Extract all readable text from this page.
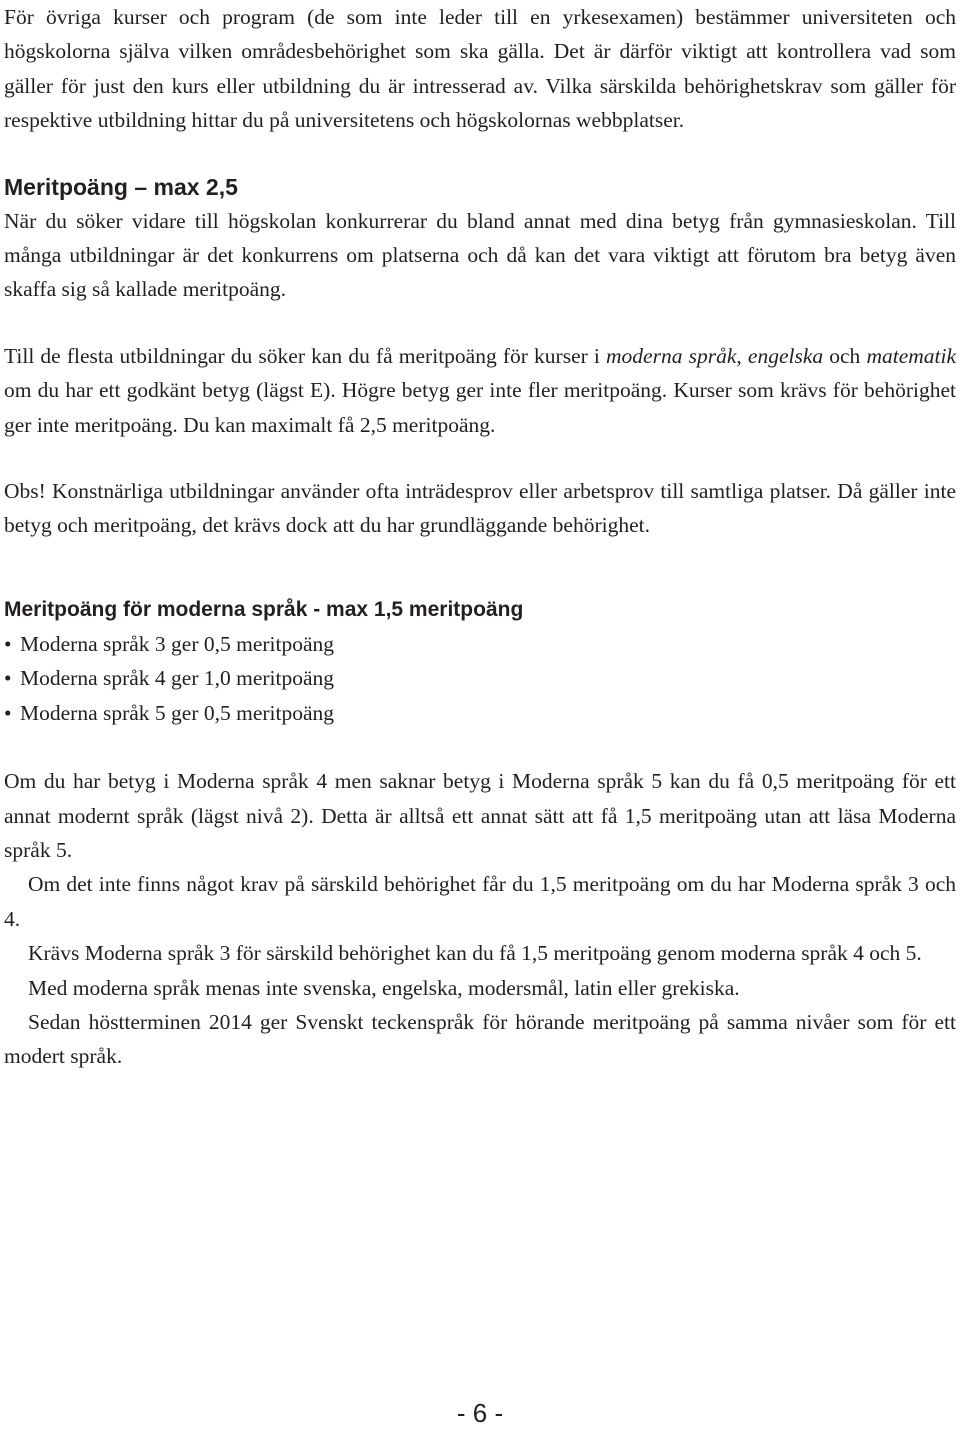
För övriga kurser och program (de som inte leder till en yrkesexamen) bestämmer universiteten och högskolorna själva vilken områdesbehörighet som ska gälla. Det är därför viktigt att kontrollera vad som gäller för just den kurs eller utbildning du är intresserad av. Vilka särskilda behörighetskrav som gäller för respektive utbildning hittar du på universitetens och högskolornas webbplatser.

Meritpoäng – max 2,5

När du söker vidare till högskolan konkurrerar du bland annat med dina betyg från gymnasieskolan. Till många utbildningar är det konkurrens om platserna och då kan det vara viktigt att förutom bra betyg även skaffa sig så kallade meritpoäng.

Till de flesta utbildningar du söker kan du få meritpoäng för kurser i moderna språk, engelska och matematik om du har ett godkänt betyg (lägst E). Högre betyg ger inte fler meritpoäng. Kurser som krävs för behörighet ger inte meritpoäng. Du kan maximalt få 2,5 meritpoäng.

Obs! Konstnärliga utbildningar använder ofta inträdesprov eller arbetsprov till samtliga platser. Då gäller inte betyg och meritpoäng, det krävs dock att du har grundläggande behörighet.

Meritpoäng för moderna språk - max 1,5 meritpoäng
• Moderna språk 3 ger 0,5 meritpoäng
• Moderna språk 4 ger 1,0 meritpoäng
• Moderna språk 5 ger 0,5 meritpoäng

Om du har betyg i Moderna språk 4 men saknar betyg i Moderna språk 5 kan du få 0,5 meritpoäng för ett annat modernt språk (lägst nivå 2). Detta är alltså ett annat sätt att få 1,5 meritpoäng utan att läsa Moderna språk 5.

Om det inte finns något krav på särskild behörighet får du 1,5 meritpoäng om du har Moderna språk 3 och 4.

Krävs Moderna språk 3 för särskild behörighet kan du få 1,5 meritpoäng genom moderna språk 4 och 5.

Med moderna språk menas inte svenska, engelska, modersmål, latin eller grekiska.

Sedan höstterminen 2014 ger Svenskt teckenspråk för hörande meritpoäng på samma nivåer som för ett modert språk.

- 6 -
